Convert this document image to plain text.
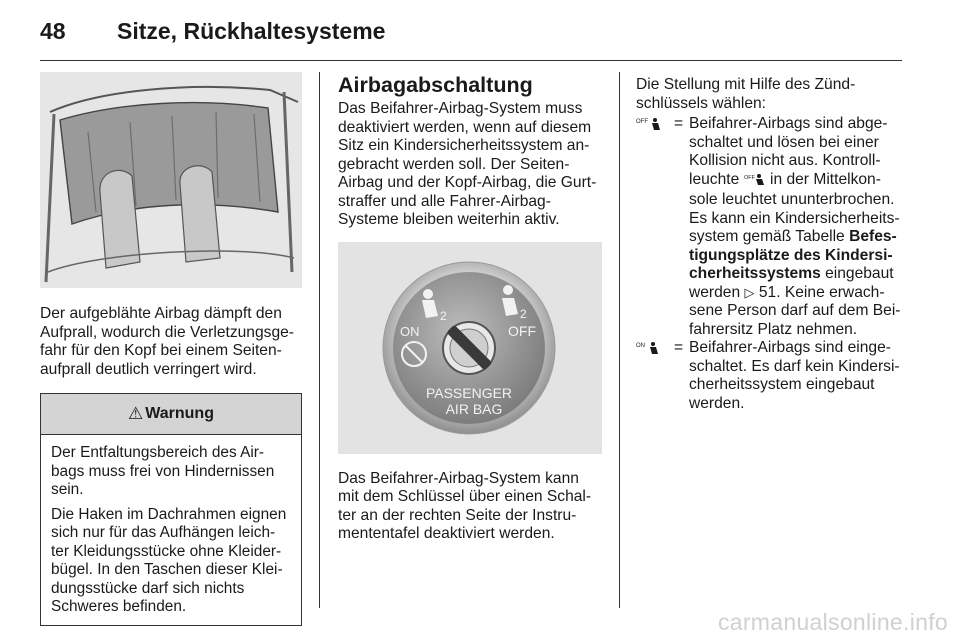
48 Sitze, Rückhaltesysteme

Der aufgeblähte Airbag dämpft den
Aufprall, wodurch die Verletzungsge-
fahr für den Kopf bei einem Seiten-
aufprall deutlich verringert wird.

⚠ Warnung

Der Entfaltungsbereich des Air-
bags muss frei von Hindernissen
sein.

Die Haken im Dachrahmen eignen
sich nur für das Aufhängen leich-
ter Kleidungsstücke ohne Kleider-
bügel. In den Taschen dieser Klei-
dungsstücke darf sich nichts
Schweres befinden.

Airbagabschaltung

Das Beifahrer-Airbag-System muss
deaktiviert werden, wenn auf diesem
Sitz ein Kindersicherheitssystem an-
gebracht werden soll. Der Seiten-
Airbag und der Kopf-Airbag, die Gurt-
straffer und alle Fahrer-Airbag-
Systeme bleiben weiterhin aktiv.

2	2
ON	OFF
PASSENGER
AIR BAG

Das Beifahrer-Airbag-System kann
mit dem Schlüssel über einen Schal-
ter an der rechten Seite der Instru-
mententafel deaktiviert werden.

Die Stellung mit Hilfe des Zünd-
schlüssels wählen:

OFF = Beifahrer-Airbags sind abge-
schaltet und lösen bei einer
Kollision nicht aus. Kontroll-
leuchte OFF in der Mittelkon-
sole leuchtet ununterbrochen.
Es kann ein Kindersicherheits-
system gemäß Tabelle Befes-
tigungsplätze des Kindersi-
cherheitssystems eingebaut
werden ▷ 51. Keine erwach-
sene Person darf auf dem Bei-
fahrersitz Platz nehmen.
ON = Beifahrer-Airbags sind einge-
schaltet. Es darf kein Kindersi-
cherheitssystem eingebaut
werden.
carmanualsonline.info
